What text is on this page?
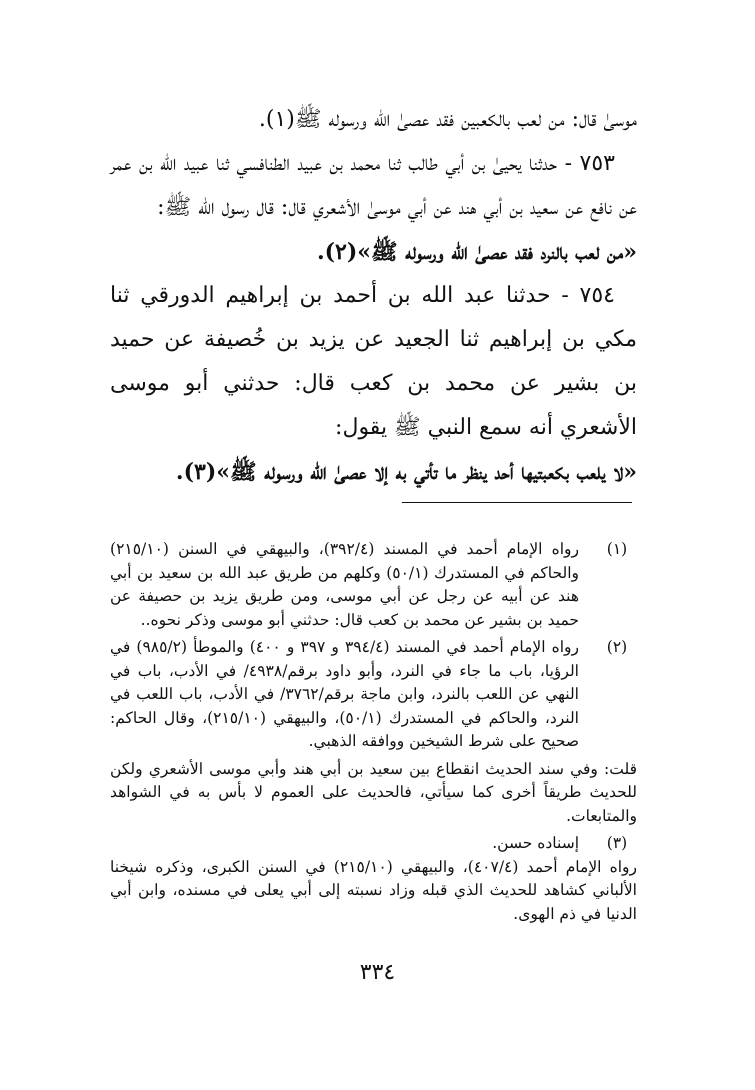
موسىٰ قال: من لعب بالكعبين فقد عصىٰ الله ورسوله ﷺ(١).

٧٥٣ - حدثنا يحيىٰ بن أبي طالب ثنا محمد بن عبيد الطنافسي ثنا عبيد الله بن عمر عن نافع عن سعيد بن أبي هند عن أبي موسىٰ الأشعري قال: قال رسول الله ﷺ:

«من لعب بالنرد فقد عصىٰ الله ورسوله ﷺ»(٢).

٧٥٤ - حدثنا عبد الله بن أحمد بن إبراهيم الدورقي ثنا مكي بن إبراهيم ثنا الجعيد عن يزيد بن خُصيفة عن حميد بن بشير عن محمد بن كعب قال: حدثني أبو موسى الأشعري أنه سمع النبي ﷺ يقول:

«لا يلعب بكعبتيها أحد ينظر ما تأتي به إلا عصىٰ الله ورسوله ﷺ»(٣).

(١)
رواه الإمام أحمد في المسند (٣٩٢/٤)، والبيهقي في السنن (٢١٥/١٠) والحاكم في المستدرك (٥٠/١) وكلهم من طريق عبد الله بن سعيد بن أبي هند عن أبيه عن رجل عن أبي موسى، ومن طريق يزيد بن حصيفة عن حميد بن بشير عن محمد بن كعب قال: حدثني أبو موسى وذكر نحوه..
(٢)
رواه الإمام أحمد في المسند (٣٩٤/٤ و ٣٩٧ و ٤٠٠) والموطأ (٩٨٥/٢) في الرؤيا، باب ما جاء في النرد، وأبو داود برقم/٤٩٣٨/ في الأدب، باب في النهي عن اللعب بالنرد، وابن ماجة برقم/٣٧٦٢/ في الأدب، باب اللعب في النرد، والحاكم في المستدرك (٥٠/١)، والبيهقي (٢١٥/١٠)، وقال الحاكم: صحيح على شرط الشيخين ووافقه الذهبي.
قلت: وفي سند الحديث انقطاع بين سعيد بن أبي هند وأبي موسى الأشعري ولكن للحديث طريقاً أخرى كما سيأتي، فالحديث على العموم لا بأس به في الشواهد والمتابعات.
(٣)
إسناده حسن.
رواه الإمام أحمد (٤٠٧/٤)، والبيهقي (٢١٥/١٠) في السنن الكبرى، وذكره شيخنا الألباني كشاهد للحديث الذي قبله وزاد نسبته إلى أبي يعلى في مسنده، وابن أبي الدنيا في ذم الهوى.
٣٣٤
